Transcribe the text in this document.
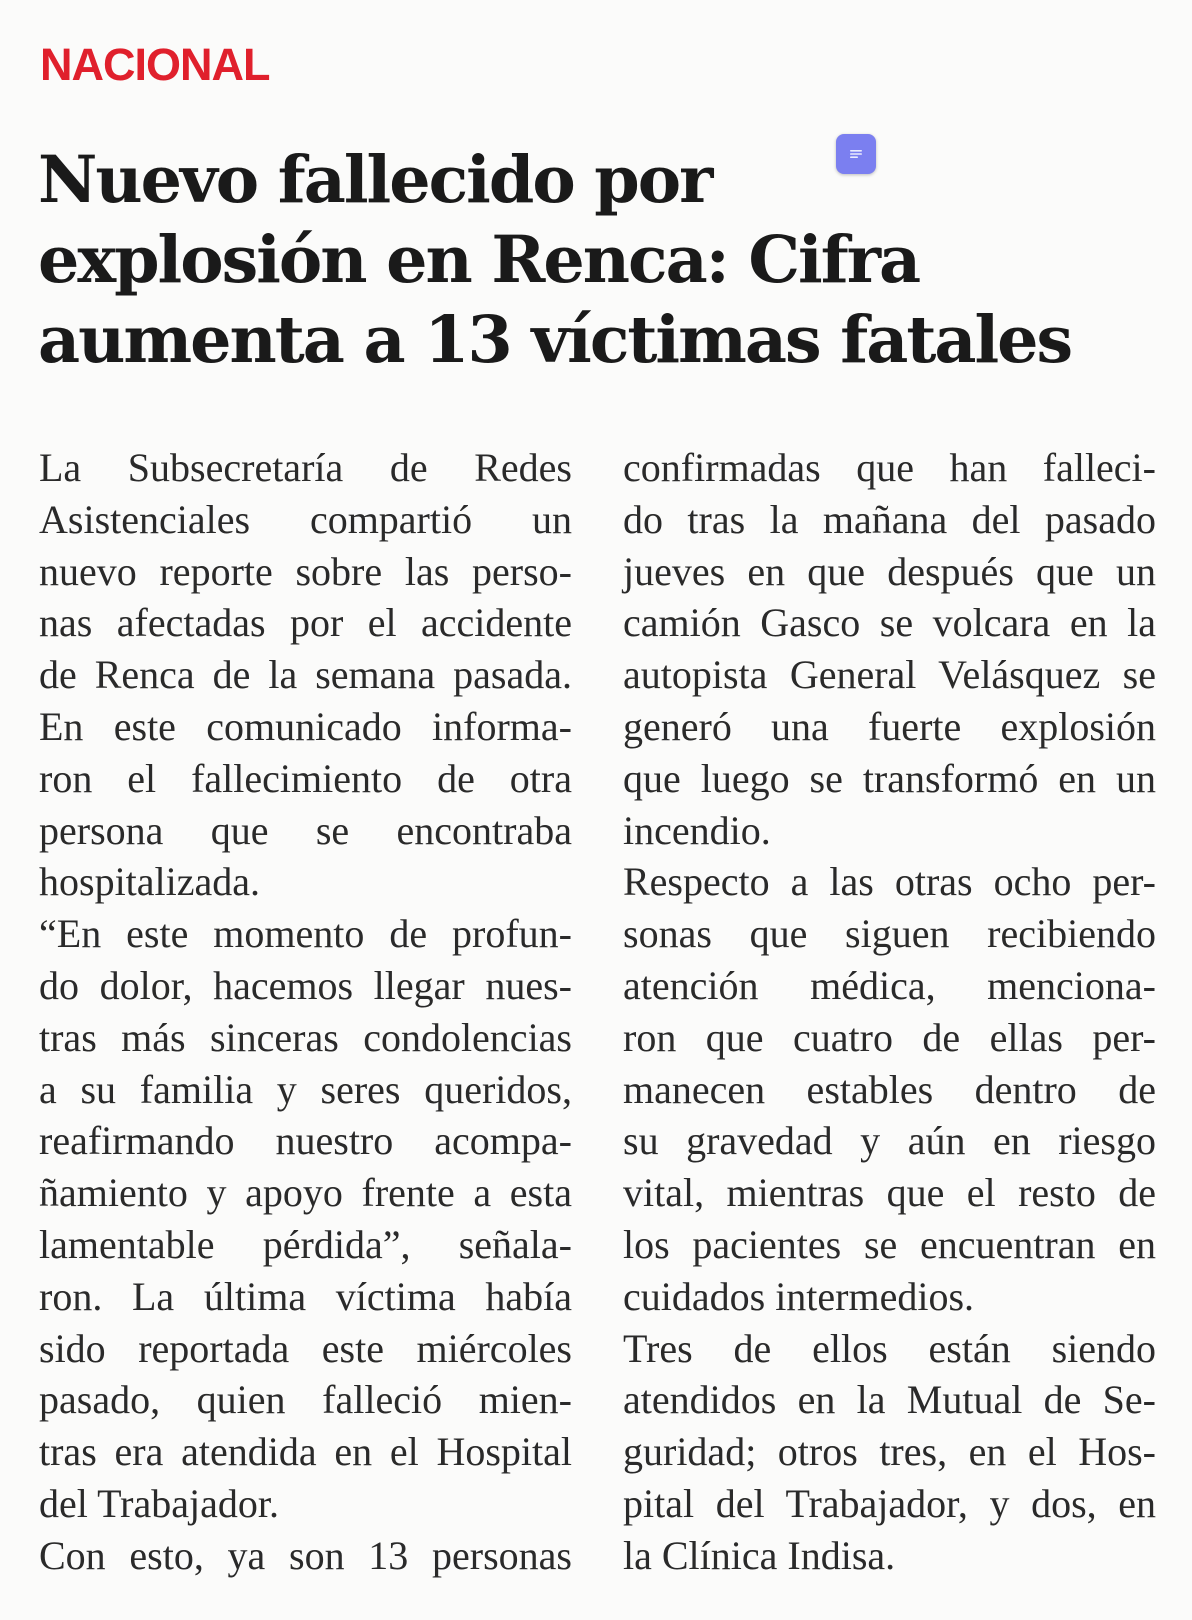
NACIONAL
Nuevo fallecido por
explosión en Renca: Cifra
aumenta a 13 víctimas fatales
La Subsecretaría de Redes
Asistenciales compartió un
nuevo reporte sobre las perso-
nas afectadas por el accidente
de Renca de la semana pasada.
En este comunicado informa-
ron el fallecimiento de otra
persona que se encontraba
hospitalizada.
“En este momento de profun-
do dolor, hacemos llegar nues-
tras más sinceras condolencias
a su familia y seres queridos,
reafirmando nuestro acompa-
ñamiento y apoyo frente a esta
lamentable pérdida”, señala-
ron. La última víctima había
sido reportada este miércoles
pasado, quien falleció mien-
tras era atendida en el Hospital
del Trabajador.
Con esto, ya son 13 personas
confirmadas que han falleci-
do tras la mañana del pasado
jueves en que después que un
camión Gasco se volcara en la
autopista General Velásquez se
generó una fuerte explosión
que luego se transformó en un
incendio.
Respecto a las otras ocho per-
sonas que siguen recibiendo
atención médica, menciona-
ron que cuatro de ellas per-
manecen estables dentro de
su gravedad y aún en riesgo
vital, mientras que el resto de
los pacientes se encuentran en
cuidados intermedios.
Tres de ellos están siendo
atendidos en la Mutual de Se-
guridad; otros tres, en el Hos-
pital del Trabajador, y dos, en
la Clínica Indisa.
